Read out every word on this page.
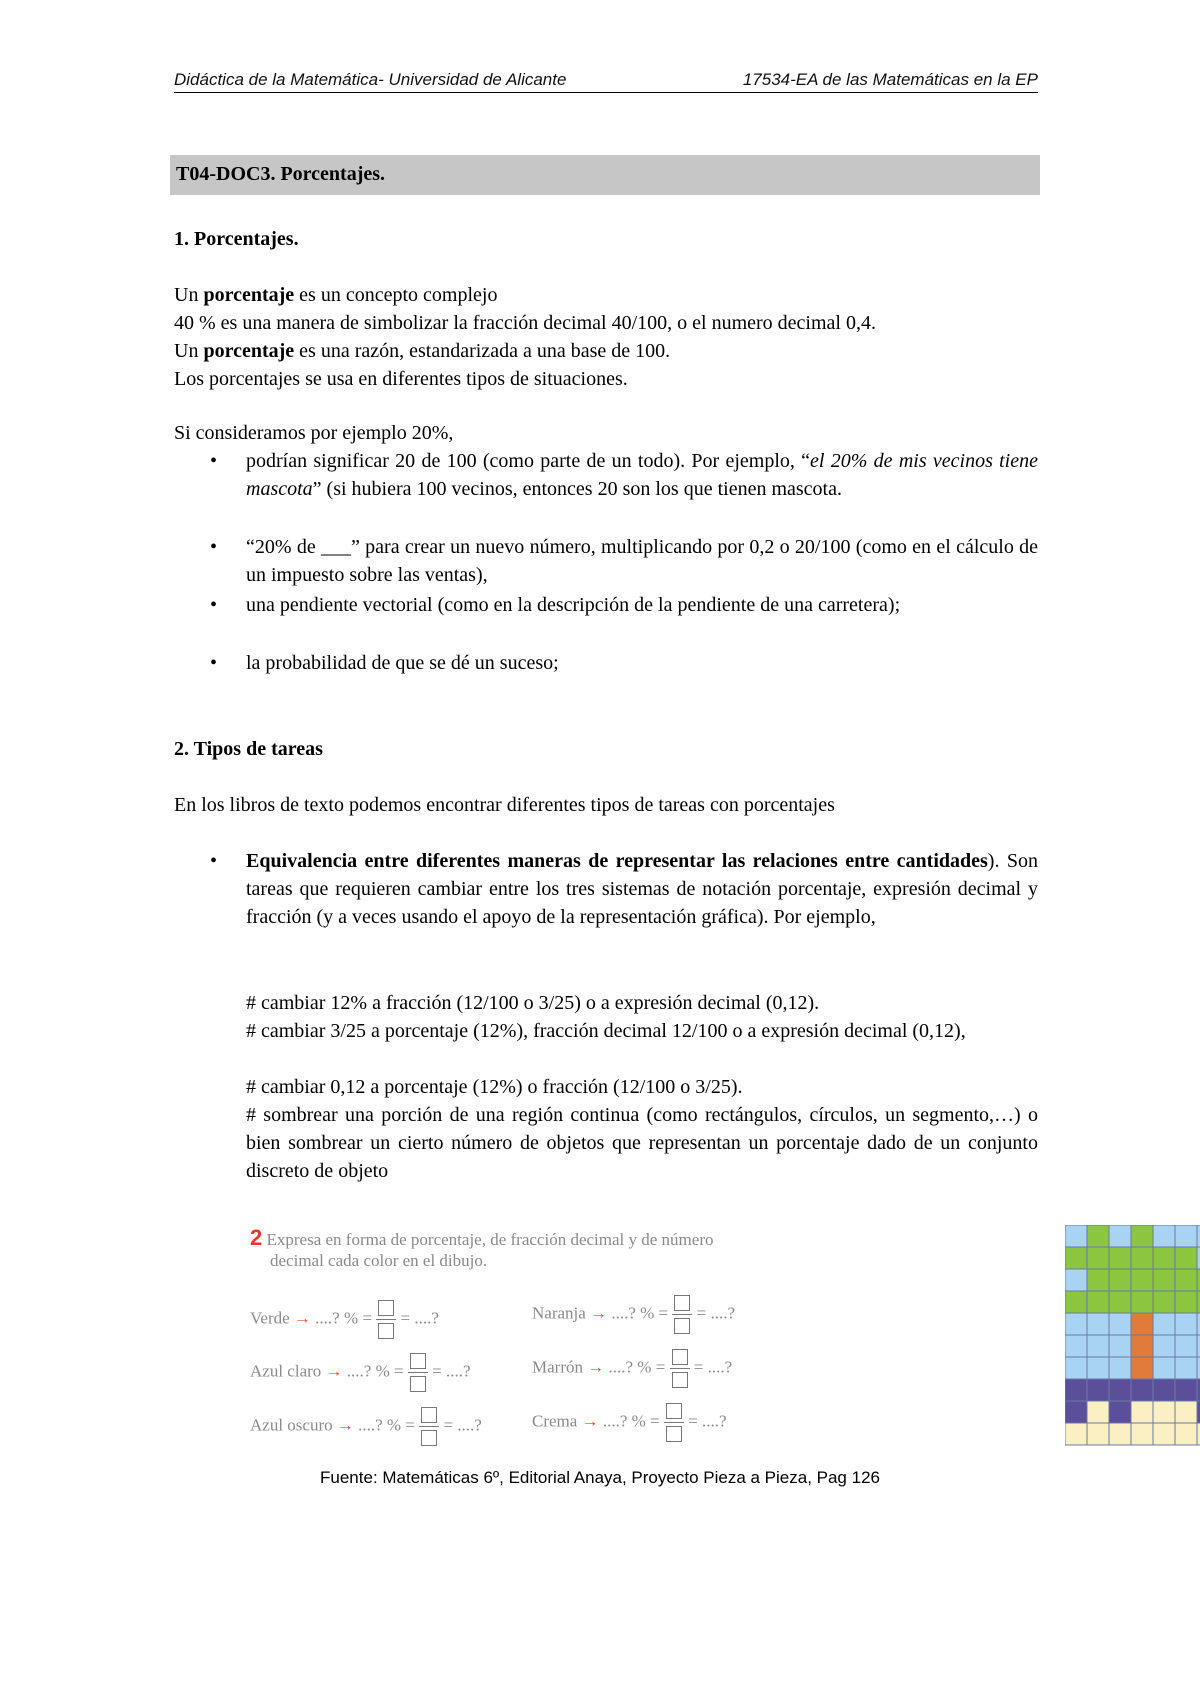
Didáctica de la Matemática- Universidad de Alicante	17534-EA de las Matemáticas en la EP
T04-DOC3. Porcentajes.
1. Porcentajes.
Un porcentaje es un concepto complejo
40 % es una manera de simbolizar la fracción decimal 40/100, o el numero decimal 0,4.
Un porcentaje es una razón, estandarizada a una base de 100.
Los porcentajes se usa en diferentes tipos de situaciones.
Si consideramos por ejemplo 20%,
• podrían significar 20 de 100 (como parte de un todo). Por ejemplo, “el 20% de mis vecinos tiene mascota” (si hubiera 100 vecinos, entonces 20 son los que tienen mascota.
• “20% de ___” para crear un nuevo número, multiplicando por 0,2 o 20/100 (como en el cálculo de un impuesto sobre las ventas),
• una pendiente vectorial (como en la descripción de la pendiente de una carretera);
• la probabilidad de que se dé un suceso;
2. Tipos de tareas
En los libros de texto podemos encontrar diferentes tipos de tareas con porcentajes
• Equivalencia entre diferentes maneras de representar las relaciones entre cantidades). Son tareas que requieren cambiar entre los tres sistemas de notación porcentaje, expresión decimal y fracción (y a veces usando el apoyo de la representación gráfica). Por ejemplo,
# cambiar 12% a fracción (12/100 o 3/25) o a expresión decimal (0,12).
# cambiar 3/25 a porcentaje (12%), fracción decimal 12/100 o a expresión decimal (0,12),
# cambiar 0,12 a porcentaje (12%) o fracción (12/100 o 3/25).
# sombrear una porción de una región continua (como rectángulos, círculos, un segmento,…) o bien sombrear un cierto número de objetos que representan un porcentaje dado de un conjunto discreto de objeto
2 Expresa en forma de porcentaje, de fracción decimal y de número
decimal cada color en el dibujo.
Verde → ....? % =
= ....?	Naranja → ....? % =
= ....?
Azul claro → ....? % =
= ....?	Marrón → ....? % =
= ....?
Azul oscuro → ....? % =
= ....?	Crema → ....? % =
= ....?
Fuente: Matemáticas 6º, Editorial Anaya, Proyecto Pieza a Pieza, Pag 126
